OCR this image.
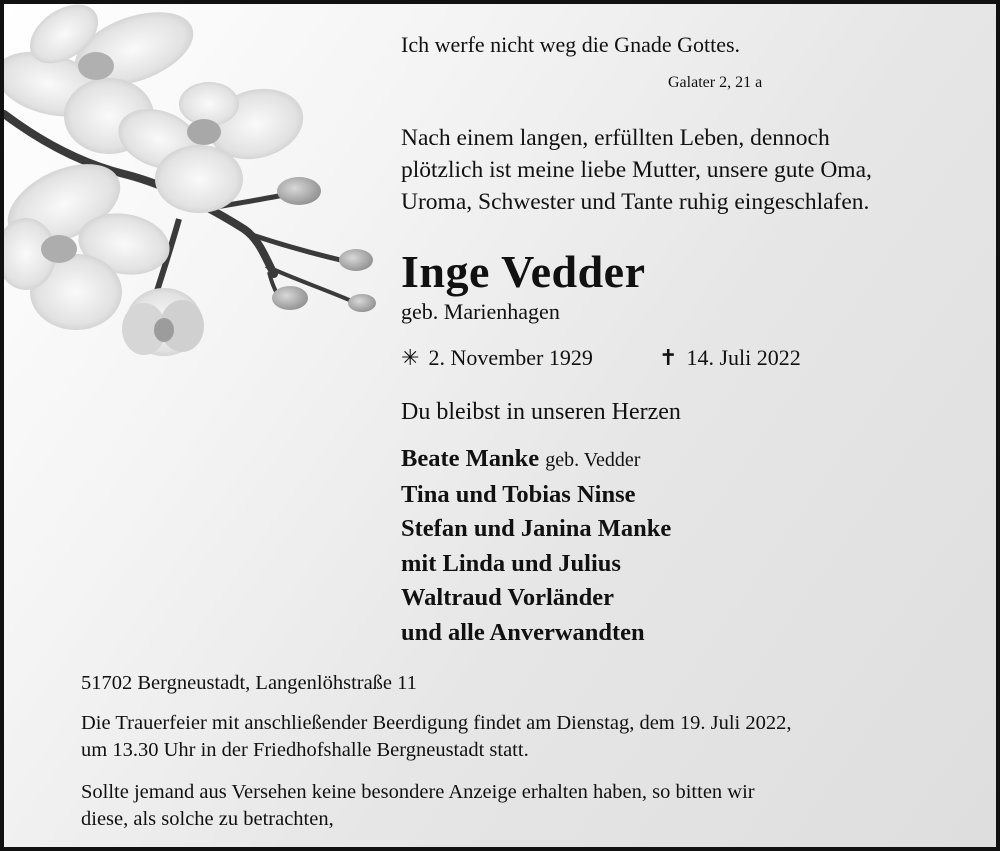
Ich werfe nicht weg die Gnade Gottes.
Galater 2, 21 a
Nach einem langen, erfüllten Leben, dennoch
plötzlich ist meine liebe Mutter, unsere gute Oma,
Uroma, Schwester und Tante ruhig eingeschlafen.
Inge Vedder
geb. Marienhagen
✳ 2. November 1929	✝ 14. Juli 2022
Du bleibst in unseren Herzen
Beate Manke geb. Vedder
Tina und Tobias Ninse
Stefan und Janina Manke
mit Linda und Julius
Waltraud Vorländer
und alle Anverwandten
51702 Bergneustadt, Langenlöhstraße 11
Die Trauerfeier mit anschließender Beerdigung findet am Dienstag, dem 19. Juli 2022,
um 13.30 Uhr in der Friedhofshalle Bergneustadt statt.
Sollte jemand aus Versehen keine besondere Anzeige erhalten haben, so bitten wir
diese, als solche zu betrachten,
